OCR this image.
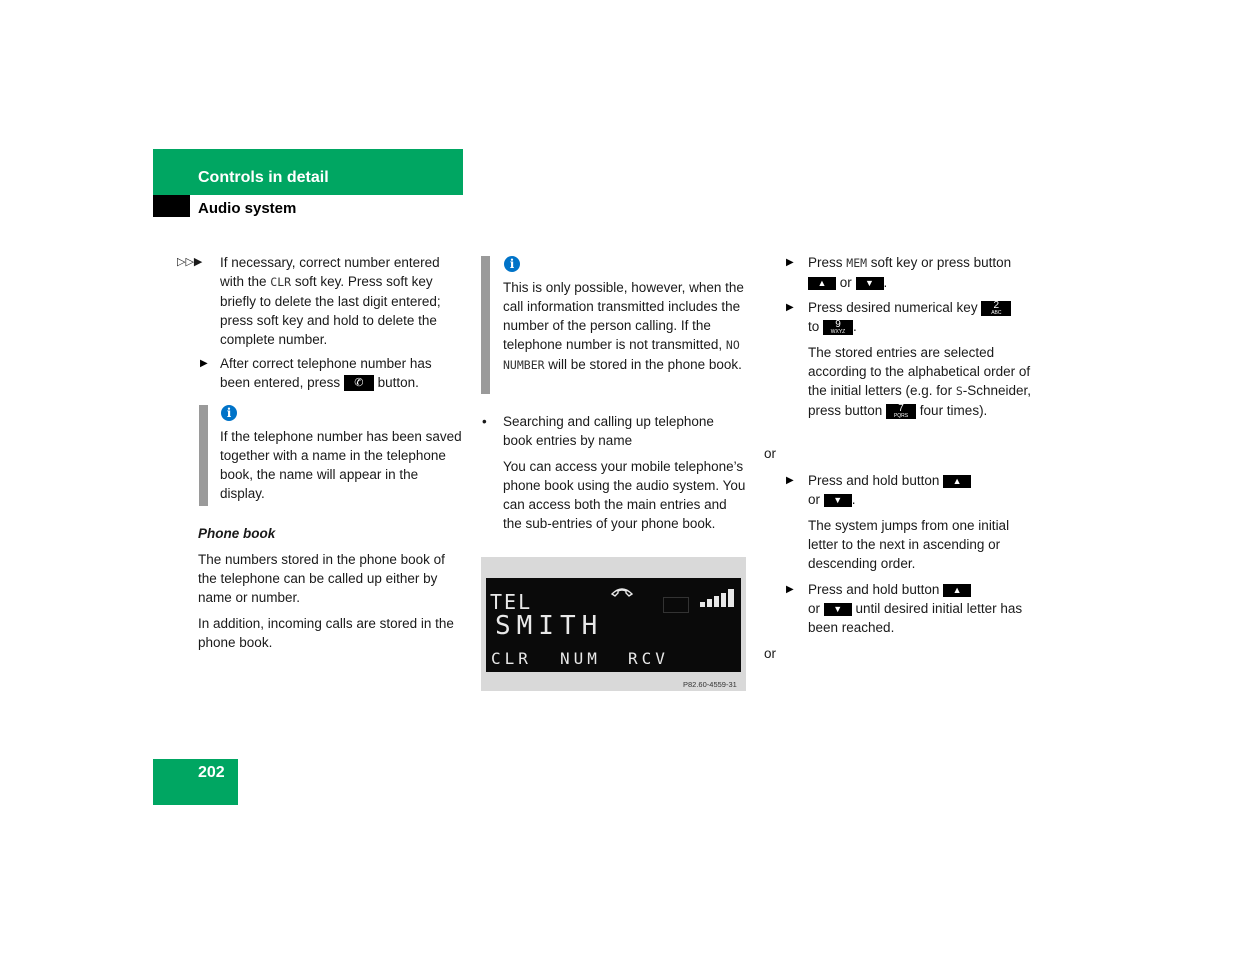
Controls in detail
Audio system
▷▷▶ If necessary, correct number entered with the CLR soft key. Press soft key briefly to delete the last digit entered; press soft key and hold to delete the complete number.
▶ After correct telephone number has been entered, press ✆ button.
i
If the telephone number has been saved together with a name in the telephone book, the name will appear in the display.
Phone book
The numbers stored in the phone book of the telephone can be called up either by name or number.
In addition, incoming calls are stored in the phone book.
i
This is only possible, however, when the call information transmitted includes the number of the person calling. If the telephone number is not transmitted, NO NUMBER will be stored in the phone book.
• Searching and calling up telephone book entries by name
You can access your mobile telephone’s phone book using the audio system. You can access both the main entries and the sub-entries of your phone book.
TEL
SMITH
CLR NUM RCV
P82.60-4559-31
▶	Press MEM soft key or press button ▲ or ▼ .
▶	Press desired numerical key	2
ABC

to	9
WXYZ .
The stored entries are selected according to the alphabetical order of the initial letters (e.g. for S-Schneider, press button	7
PQRS four times).
or
▶	Press and hold button ▲
or ▼ .
The system jumps from one initial letter to the next in ascending or descending order.
▶	Press and hold button ▲
or ▼ until desired initial letter has been reached.
or
202
